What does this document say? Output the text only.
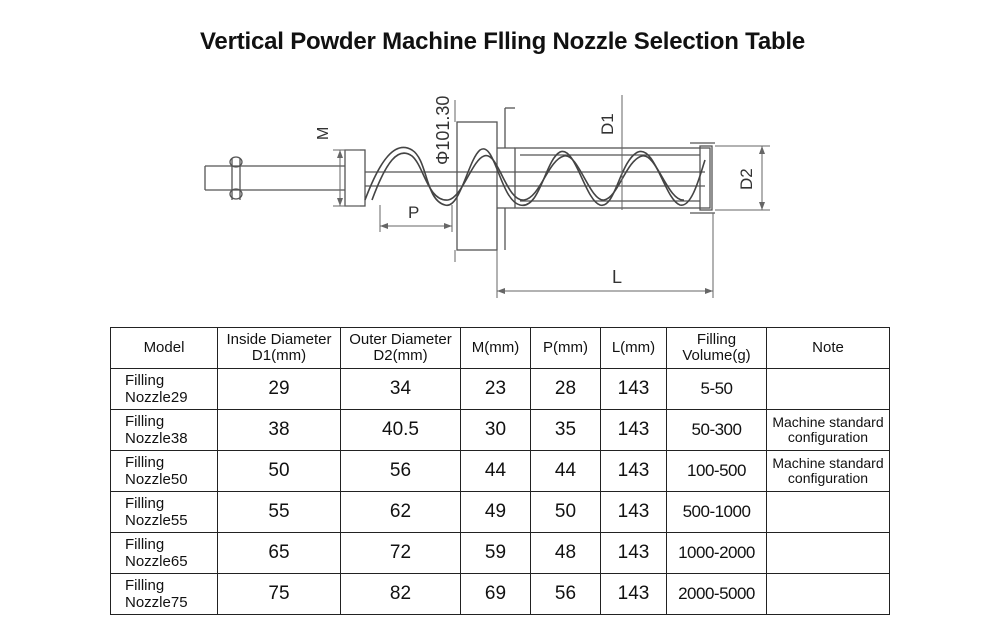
Vertical Powder Machine Flling Nozzle Selection Table
M	Φ101.30
P
D1
D2
L
Model	Inside Diameter D1(mm)	Outer Diameter D2(mm)	M(mm)	P(mm)	L(mm)	Filling Volume(g)	Note
Filling Nozzle29	29	34	23	28	143	5-50	
Filling Nozzle38	38	40.5	30	35	143	50-300	Machine standard configuration
Filling Nozzle50	50	56	44	44	143	100-500	Machine standard configuration
Filling Nozzle55	55	62	49	50	143	500-1000	
Filling Nozzle65	65	72	59	48	143	1000-2000	
Filling Nozzle75	75	82	69	56	143	2000-5000	
